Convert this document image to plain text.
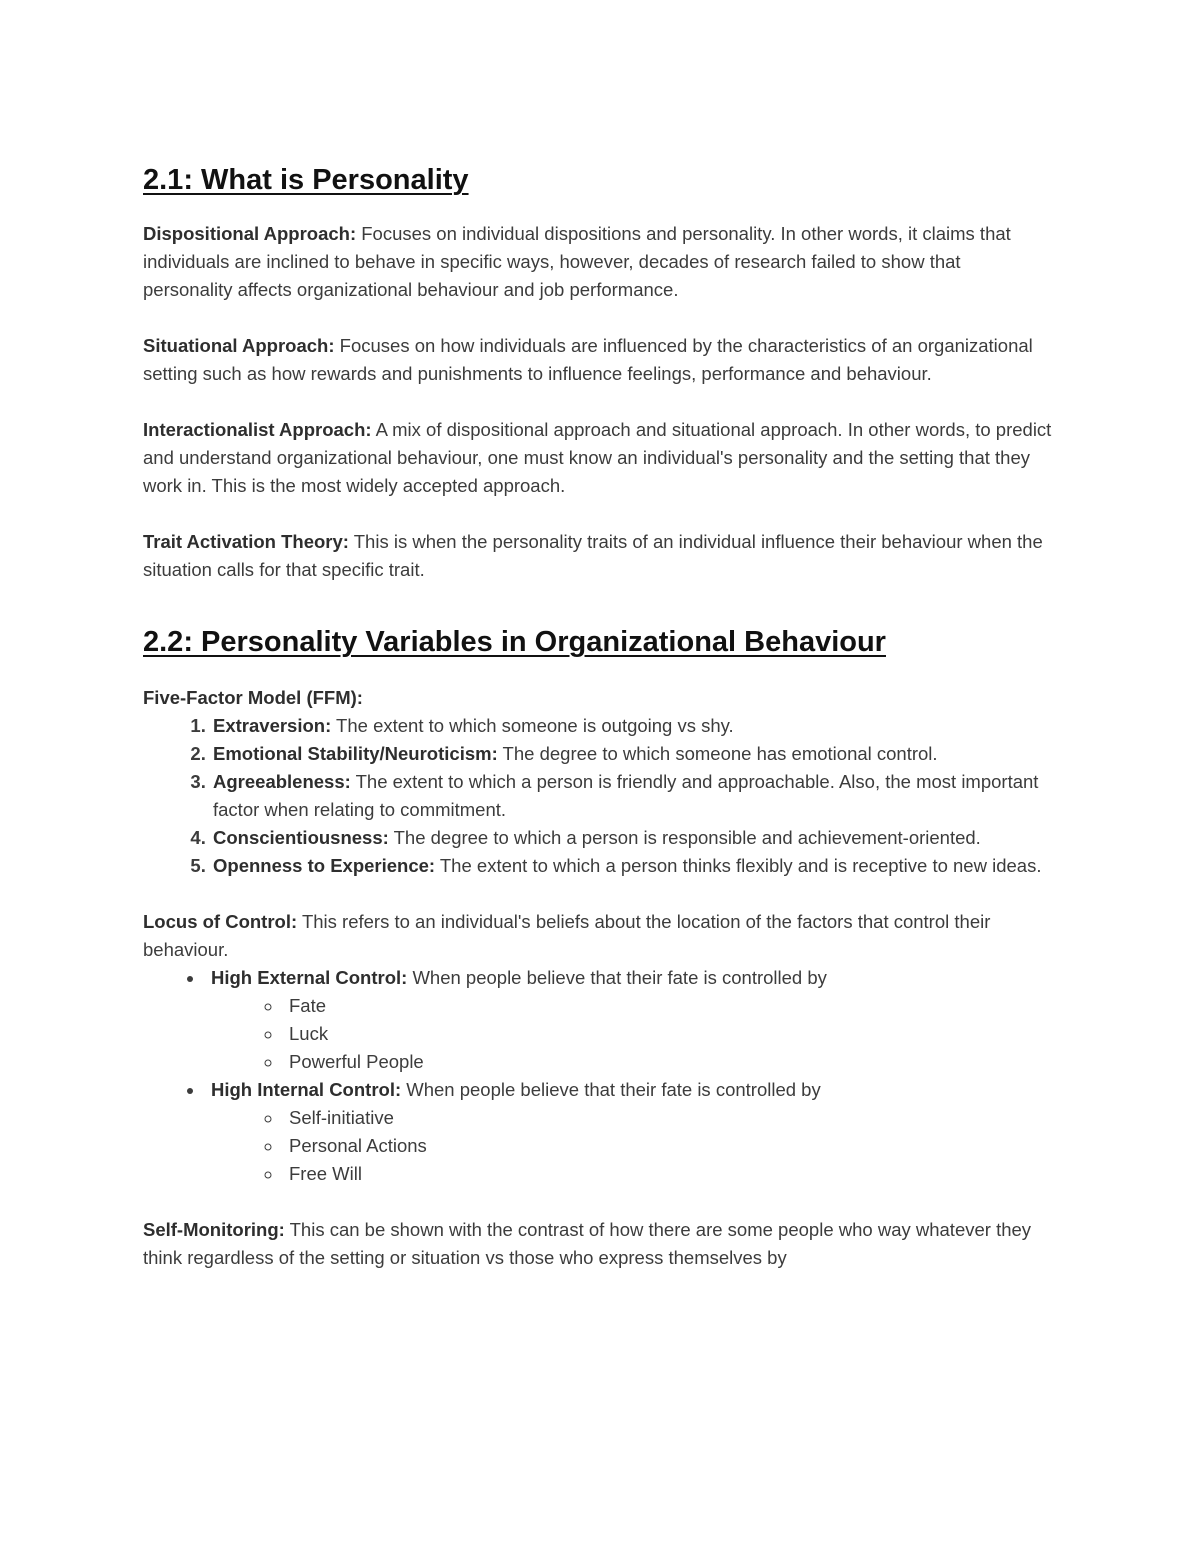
2.1: What is Personality

Dispositional Approach: Focuses on individual dispositions and personality. In other words, it claims that individuals are inclined to behave in specific ways, however, decades of research failed to show that personality affects organizational behaviour and job performance.

Situational Approach: Focuses on how individuals are influenced by the characteristics of an organizational setting such as how rewards and punishments to influence feelings, performance and behaviour.

Interactionalist Approach: A mix of dispositional approach and situational approach. In other words, to predict and understand organizational behaviour, one must know an individual's personality and the setting that they work in. This is the most widely accepted approach.

Trait Activation Theory: This is when the personality traits of an individual influence their behaviour when the situation calls for that specific trait.

2.2: Personality Variables in Organizational Behaviour
Five-Factor Model (FFM):
1. Extraversion: The extent to which someone is outgoing vs shy.
2. Emotional Stability/Neuroticism: The degree to which someone has emotional control.
3. Agreeableness: The extent to which a person is friendly and approachable. Also, the most important factor when relating to commitment.
4. Conscientiousness: The degree to which a person is responsible and achievement-oriented.
5. Openness to Experience: The extent to which a person thinks flexibly and is receptive to new ideas.

Locus of Control: This refers to an individual's beliefs about the location of the factors that control their behaviour.

• High External Control: When people believe that their fate is controlled by
◦ Fate
◦ Luck
◦ Powerful People
• High Internal Control: When people believe that their fate is controlled by
◦ Self-initiative
◦ Personal Actions
◦ Free Will

Self-Monitoring: This can be shown with the contrast of how there are some people who way whatever they think regardless of the setting or situation vs those who express themselves by
